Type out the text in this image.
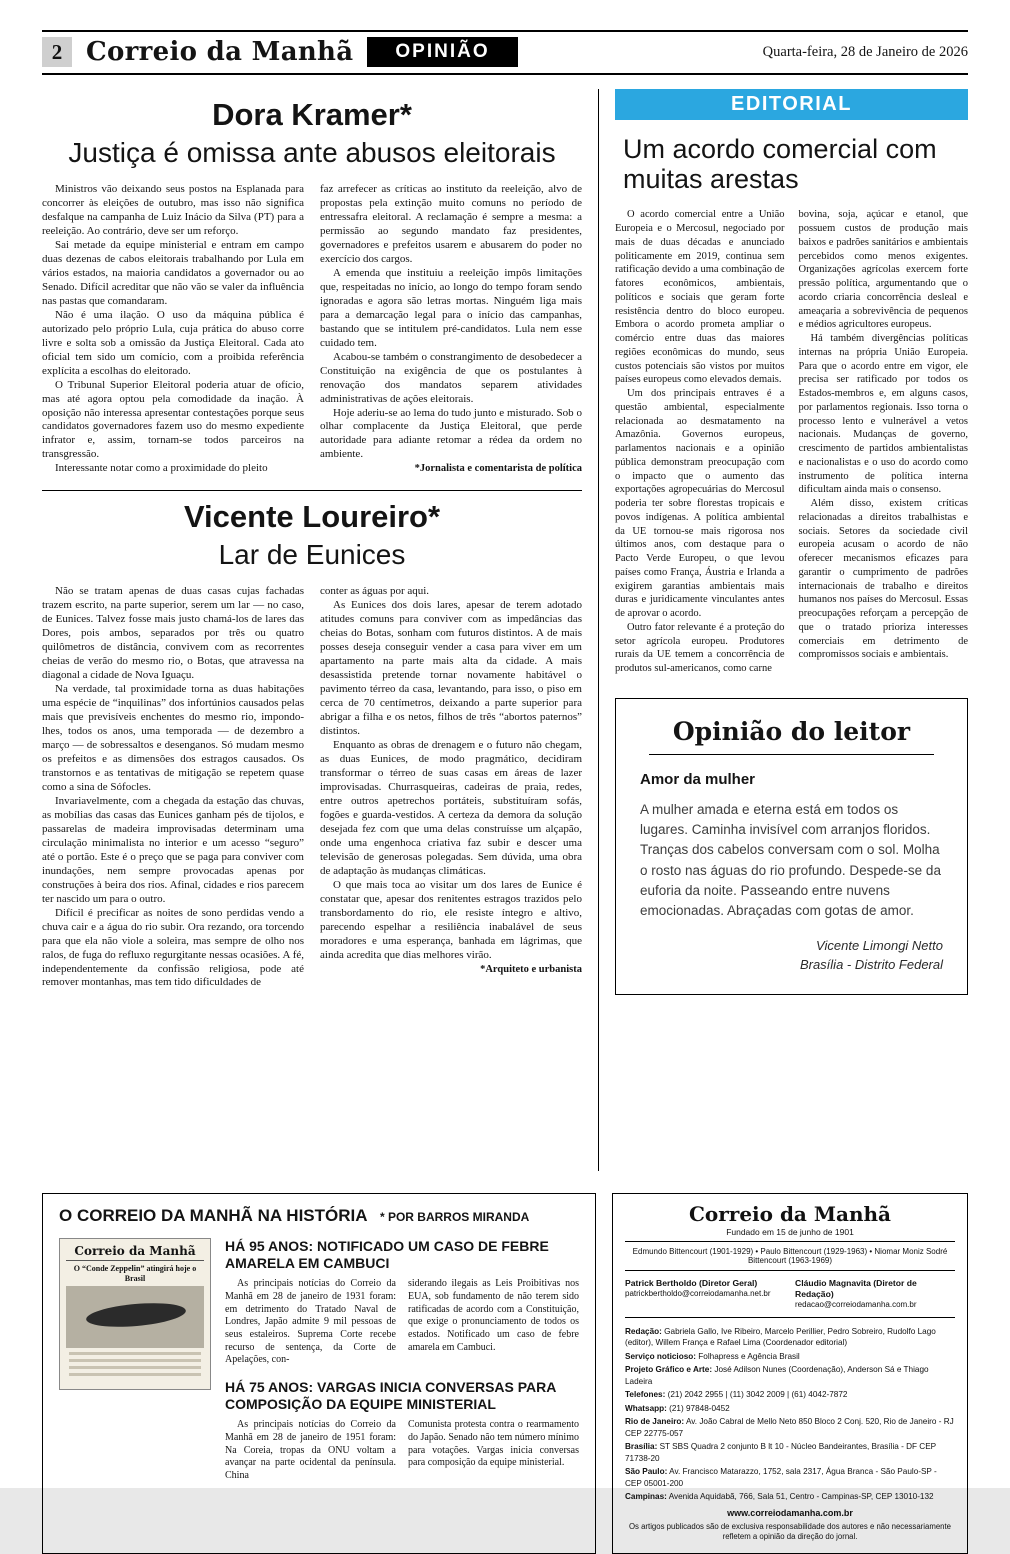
2 Correio da Manhã	OPINIÃO	Quarta-feira, 28 de Janeiro de 2026
Dora Kramer*
Justiça é omissa ante abusos eleitorais

Ministros vão deixando seus postos na Esplanada para concorrer às eleições de outubro, mas isso não significa desfalque na campanha de Luiz Inácio da Silva (PT) para a reeleição. Ao contrário, deve ser um reforço.

Sai metade da equipe ministerial e entram em campo duas dezenas de cabos eleitorais trabalhando por Lula em vários estados, na maioria candidatos a governador ou ao Senado. Difícil acreditar que não vão se valer da influência nas pastas que comandaram.

Não é uma ilação. O uso da máquina pública é autorizado pelo próprio Lula, cuja prática do abuso corre livre e solta sob a omissão da Justiça Eleitoral. Cada ato oficial tem sido um comício, com a proibida referência explícita a escolhas do eleitorado.

O Tribunal Superior Eleitoral poderia atuar de ofício, mas até agora optou pela comodidade da inação. À oposição não interessa apresentar contestações porque seus candidatos governadores fazem uso do mesmo expediente infrator e, assim, tornam-se todos parceiros na transgressão.

Interessante notar como a proximidade do pleito

faz arrefecer as críticas ao instituto da reeleição, alvo de propostas pela extinção muito comuns no período de entressafra eleitoral. A reclamação é sempre a mesma: a permissão ao segundo mandato faz presidentes, governadores e prefeitos usarem e abusarem do poder no exercício dos cargos.

A emenda que instituiu a reeleição impôs limitações que, respeitadas no início, ao longo do tempo foram sendo ignoradas e agora são letras mortas. Ninguém liga mais para a demarcação legal para o início das campanhas, bastando que se intitulem pré-candidatos. Lula nem esse cuidado tem.

Acabou-se também o constrangimento de desobedecer a Constituição na exigência de que os postulantes à renovação dos mandatos separem atividades administrativas de ações eleitorais.

Hoje aderiu-se ao lema do tudo junto e misturado. Sob o olhar complacente da Justiça Eleitoral, que perde autoridade para adiante retomar a rédea da ordem no ambiente.

*Jornalista e comentarista de política

Vicente Loureiro*
Lar de Eunices

Não se tratam apenas de duas casas cujas fachadas trazem escrito, na parte superior, serem um lar — no caso, de Eunices. Talvez fosse mais justo chamá-los de lares das Dores, pois ambos, separados por três ou quatro quilômetros de distância, convivem com as recorrentes cheias de verão do mesmo rio, o Botas, que atravessa na diagonal a cidade de Nova Iguaçu.

Na verdade, tal proximidade torna as duas habitações uma espécie de “inquilinas” dos infortúnios causados pelas mais que previsíveis enchentes do mesmo rio, impondo-lhes, todos os anos, uma temporada — de dezembro a março — de sobressaltos e desenganos. Só mudam mesmo os prefeitos e as dimensões dos estragos causados. Os transtornos e as tentativas de mitigação se repetem quase como a sina de Sófocles.

Invariavelmente, com a chegada da estação das chuvas, as mobílias das casas das Eunices ganham pés de tijolos, e passarelas de madeira improvisadas determinam uma circulação minimalista no interior e um acesso “seguro” até o portão. Este é o preço que se paga para conviver com inundações, nem sempre provocadas apenas por construções à beira dos rios. Afinal, cidades e rios parecem ter nascido um para o outro.

Difícil é precificar as noites de sono perdidas vendo a chuva cair e a água do rio subir. Ora rezando, ora torcendo para que ela não viole a soleira, mas sempre de olho nos ralos, de fuga do refluxo regurgitante nessas ocasiões. A fé, independentemente da confissão religiosa, pode até remover montanhas, mas tem tido dificuldades de

conter as águas por aqui.

As Eunices dos dois lares, apesar de terem adotado atitudes comuns para conviver com as impedâncias das cheias do Botas, sonham com futuros distintos. A de mais posses deseja conseguir vender a casa para viver em um apartamento na parte mais alta da cidade. A mais desassistida pretende tornar novamente habitável o pavimento térreo da casa, levantando, para isso, o piso em cerca de 70 centímetros, deixando a parte superior para abrigar a filha e os netos, filhos de três “abortos paternos” distintos.

Enquanto as obras de drenagem e o futuro não chegam, as duas Eunices, de modo pragmático, decidiram transformar o térreo de suas casas em áreas de lazer improvisadas. Churrasqueiras, cadeiras de praia, redes, entre outros apetrechos portáteis, substituíram sofás, fogões e guarda-vestidos. A certeza da demora da solução desejada fez com que uma delas construísse um alçapão, onde uma engenhoca criativa faz subir e descer uma televisão de generosas polegadas. Sem dúvida, uma obra de adaptação às mudanças climáticas.

O que mais toca ao visitar um dos lares de Eunice é constatar que, apesar dos renitentes estragos trazidos pelo transbordamento do rio, ele resiste íntegro e altivo, parecendo espelhar a resiliência inabalável de seus moradores e uma esperança, banhada em lágrimas, que ainda acredita que dias melhores virão.

*Arquiteto e urbanista

EDITORIAL
Um acordo comercial com muitas arestas

O acordo comercial entre a União Europeia e o Mercosul, negociado por mais de duas décadas e anunciado politicamente em 2019, continua sem ratificação devido a uma combinação de fatores econômicos, ambientais, políticos e sociais que geram forte resistência dentro do bloco europeu. Embora o acordo prometa ampliar o comércio entre duas das maiores regiões econômicas do mundo, seus custos potenciais são vistos por muitos países europeus como elevados demais.

Um dos principais entraves é a questão ambiental, especialmente relacionada ao desmatamento na Amazônia. Governos europeus, parlamentos nacionais e a opinião pública demonstram preocupação com o impacto que o aumento das exportações agropecuárias do Mercosul poderia ter sobre florestas tropicais e povos indígenas. A política ambiental da UE tornou-se mais rigorosa nos últimos anos, com destaque para o Pacto Verde Europeu, o que levou países como França, Áustria e Irlanda a exigirem garantias ambientais mais duras e juridicamente vinculantes antes de aprovar o acordo.

Outro fator relevante é a proteção do setor agrícola europeu. Produtores rurais da UE temem a concorrência de produtos sul-americanos, como carne

bovina, soja, açúcar e etanol, que possuem custos de produção mais baixos e padrões sanitários e ambientais percebidos como menos exigentes. Organizações agrícolas exercem forte pressão política, argumentando que o acordo criaria concorrência desleal e ameaçaria a sobrevivência de pequenos e médios agricultores europeus.

Há também divergências políticas internas na própria União Europeia. Para que o acordo entre em vigor, ele precisa ser ratificado por todos os Estados-membros e, em alguns casos, por parlamentos regionais. Isso torna o processo lento e vulnerável a vetos nacionais. Mudanças de governo, crescimento de partidos ambientalistas e nacionalistas e o uso do acordo como instrumento de política interna dificultam ainda mais o consenso.

Além disso, existem críticas relacionadas a direitos trabalhistas e sociais. Setores da sociedade civil europeia acusam o acordo de não oferecer mecanismos eficazes para garantir o cumprimento de padrões internacionais de trabalho e direitos humanos nos países do Mercosul. Essas preocupações reforçam a percepção de que o tratado prioriza interesses comerciais em detrimento de compromissos sociais e ambientais.

Opinião do leitor
Amor da mulher
A mulher amada e eterna está em todos os lugares. Caminha invisível com arranjos floridos. Tranças dos cabelos conversam com o sol. Molha o rosto nas águas do rio profundo. Despede-se da euforia da noite. Passeando entre nuvens emocionadas. Abraçadas com gotas de amor.
Vicente Limongi Netto
Brasília - Distrito Federal
O CORREIO DA MANHÃ NA HISTÓRIA * POR BARROS MIRANDA
Correio da Manhã
O “Conde Zeppelin” atingirá hoje o Brasil

HÁ 95 ANOS: NOTIFICADO UM CASO DE FEBRE AMARELA EM CAMBUCI

As principais notícias do Correio da Manhã em 28 de janeiro de 1931 foram: em detrimento do Tratado Naval de Londres, Japão admite 9 mil pessoas de seus estaleiros. Suprema Corte recebe recurso de sentença, da Corte de Apelações, con-

siderando ilegais as Leis Proibitivas nos EUA, sob fundamento de não terem sido ratificadas de acordo com a Constituição, que exige o pronunciamento de todos os estados. Notificado um caso de febre amarela em Cambuci.

HÁ 75 ANOS: VARGAS INICIA CONVERSAS PARA COMPOSIÇÃO DA EQUIPE MINISTERIAL

As principais notícias do Correio da Manhã em 28 de janeiro de 1951 foram: Na Coreia, tropas da ONU voltam a avançar na parte ocidental da península. China

Comunista protesta contra o rearmamento do Japão. Senado não tem número mínimo para votações. Vargas inicia conversas para composição da equipe ministerial.

Correio da Manhã
Fundado em 15 de junho de 1901
Edmundo Bittencourt (1901-1929) • Paulo Bittencourt (1929-1963) • Niomar Moniz Sodré Bittencourt (1963-1969)
Patrick Bertholdo (Diretor Geral)
patrickbertholdo@correiodamanha.net.br
Cláudio Magnavita (Diretor de Redação)
redacao@correiodamanha.com.br
Redação: Gabriela Gallo, Ive Ribeiro, Marcelo Perillier, Pedro Sobreiro, Rudolfo Lago (editor), Willem França e Rafael Lima (Coordenador editorial)
Serviço noticioso: Folhapress e Agência Brasil
Projeto Gráfico e Arte: José Adilson Nunes (Coordenação), Anderson Sá e Thiago Ladeira
Telefones: (21) 2042 2955 | (11) 3042 2009 | (61) 4042-7872
Whatsapp: (21) 97848-0452
Rio de Janeiro: Av. João Cabral de Mello Neto 850 Bloco 2 Conj. 520, Rio de Janeiro - RJ CEP 22775-057
Brasília: ST SBS Quadra 2 conjunto B lt 10 - Núcleo Bandeirantes, Brasília - DF CEP 71738-20
São Paulo: Av. Francisco Matarazzo, 1752, sala 2317, Água Branca - São Paulo-SP - CEP 05001-200
Campinas: Avenida Aquidabã, 766, Sala 51, Centro - Campinas-SP, CEP 13010-132
www.correiodamanha.com.br
Os artigos publicados são de exclusiva responsabilidade dos autores e não necessariamente refletem a opinião da direção do jornal.
